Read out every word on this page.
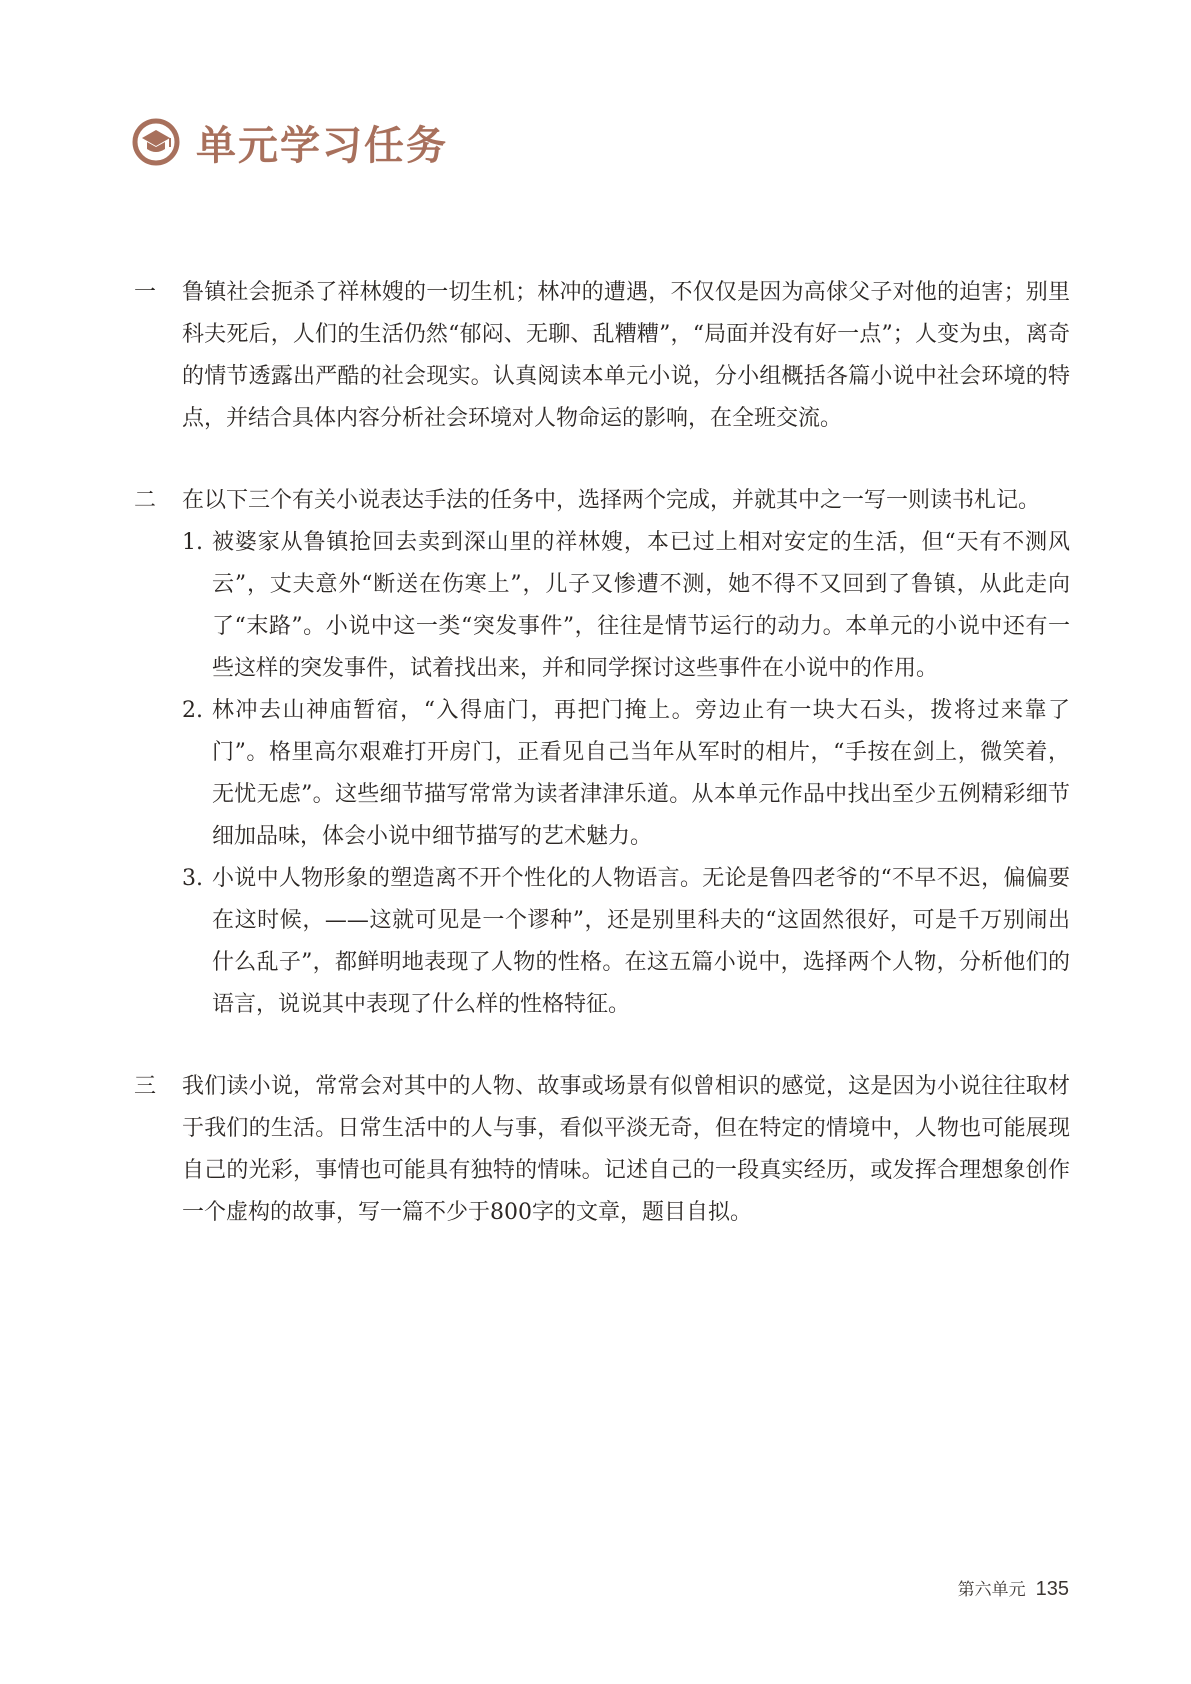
单元学习任务
一	鲁镇社会扼杀了祥林嫂的一切生机；林冲的遭遇，不仅仅是因为高俅父子对他的迫害；别里科夫死后，人们的生活仍然“郁闷、无聊、乱糟糟”，“局面并没有好一点”；人变为虫，离奇的情节透露出严酷的社会现实。认真阅读本单元小说，分小组概括各篇小说中社会环境的特点，并结合具体内容分析社会环境对人物命运的影响，在全班交流。
二	在以下三个有关小说表达手法的任务中，选择两个完成，并就其中之一写一则读书札记。
1. 被婆家从鲁镇抢回去卖到深山里的祥林嫂，本已过上相对安定的生活，但“天有不测风云”，丈夫意外“断送在伤寒上”，儿子又惨遭不测，她不得不又回到了鲁镇，从此走向了“末路”。小说中这一类“突发事件”，往往是情节运行的动力。本单元的小说中还有一些这样的突发事件，试着找出来，并和同学探讨这些事件在小说中的作用。
2. 林冲去山神庙暂宿，“入得庙门，再把门掩上。旁边止有一块大石头，拨将过来靠了门”。格里高尔艰难打开房门，正看见自己当年从军时的相片，“手按在剑上，微笑着，无忧无虑”。这些细节描写常常为读者津津乐道。从本单元作品中找出至少五例精彩细节细加品味，体会小说中细节描写的艺术魅力。
3. 小说中人物形象的塑造离不开个性化的人物语言。无论是鲁四老爷的“不早不迟，偏偏要在这时候，——这就可见是一个谬种”，还是别里科夫的“这固然很好，可是千万别闹出什么乱子”，都鲜明地表现了人物的性格。在这五篇小说中，选择两个人物，分析他们的语言，说说其中表现了什么样的性格特征。
三	我们读小说，常常会对其中的人物、故事或场景有似曾相识的感觉，这是因为小说往往取材于我们的生活。日常生活中的人与事，看似平淡无奇，但在特定的情境中，人物也可能展现自己的光彩，事情也可能具有独特的情味。记述自己的一段真实经历，或发挥合理想象创作一个虚构的故事，写一篇不少于800字的文章，题目自拟。
第六单元 135
